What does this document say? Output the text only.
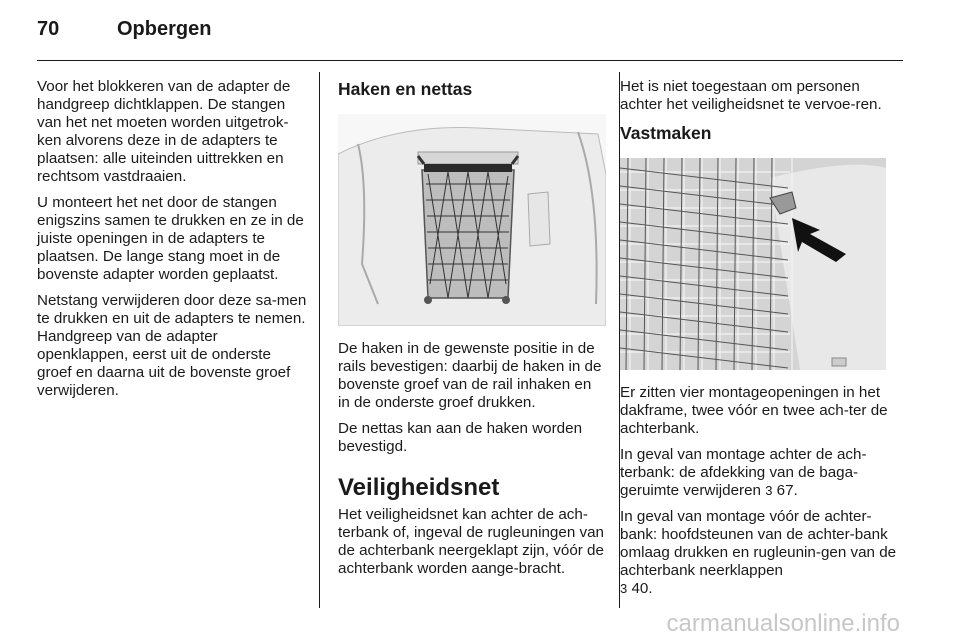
70	Opbergen

Voor het blokkeren van de adapter de handgreep dichtklappen. De stangen van het net moeten worden uitgetrok-ken alvorens deze in de adapters te plaatsen: alle uiteinden uittrekken en rechtsom vastdraaien.

U monteert het net door de stangen enigszins samen te drukken en ze in de juiste openingen in de adapters te plaatsen. De lange stang moet in de bovenste adapter worden geplaatst.

Netstang verwijderen door deze sa-men te drukken en uit de adapters te nemen. Handgreep van de adapter openklappen, eerst uit de onderste groef en daarna uit de bovenste groef verwijderen.

Haken en nettas

De haken in de gewenste positie in de rails bevestigen: daarbij de haken in de bovenste groef van de rail inhaken en in de onderste groef drukken.

De nettas kan aan de haken worden bevestigd.

Veiligheidsnet

Het veiligheidsnet kan achter de ach-terbank of, ingeval de rugleuningen van de achterbank neergeklapt zijn, vóór de achterbank worden aange-bracht.

Het is niet toegestaan om personen achter het veiligheidsnet te vervoe-ren.

Vastmaken

Er zitten vier montageopeningen in het dakframe, twee vóór en twee ach-ter de achterbank.

In geval van montage achter de ach-terbank: de afdekking van de baga-geruimte verwijderen 3 67.

In geval van montage vóór de achter-bank: hoofdsteunen van de achter-bank omlaag drukken en rugleunin-gen van de achterbank neerklappen
3 40.

carmanualsonline.info
